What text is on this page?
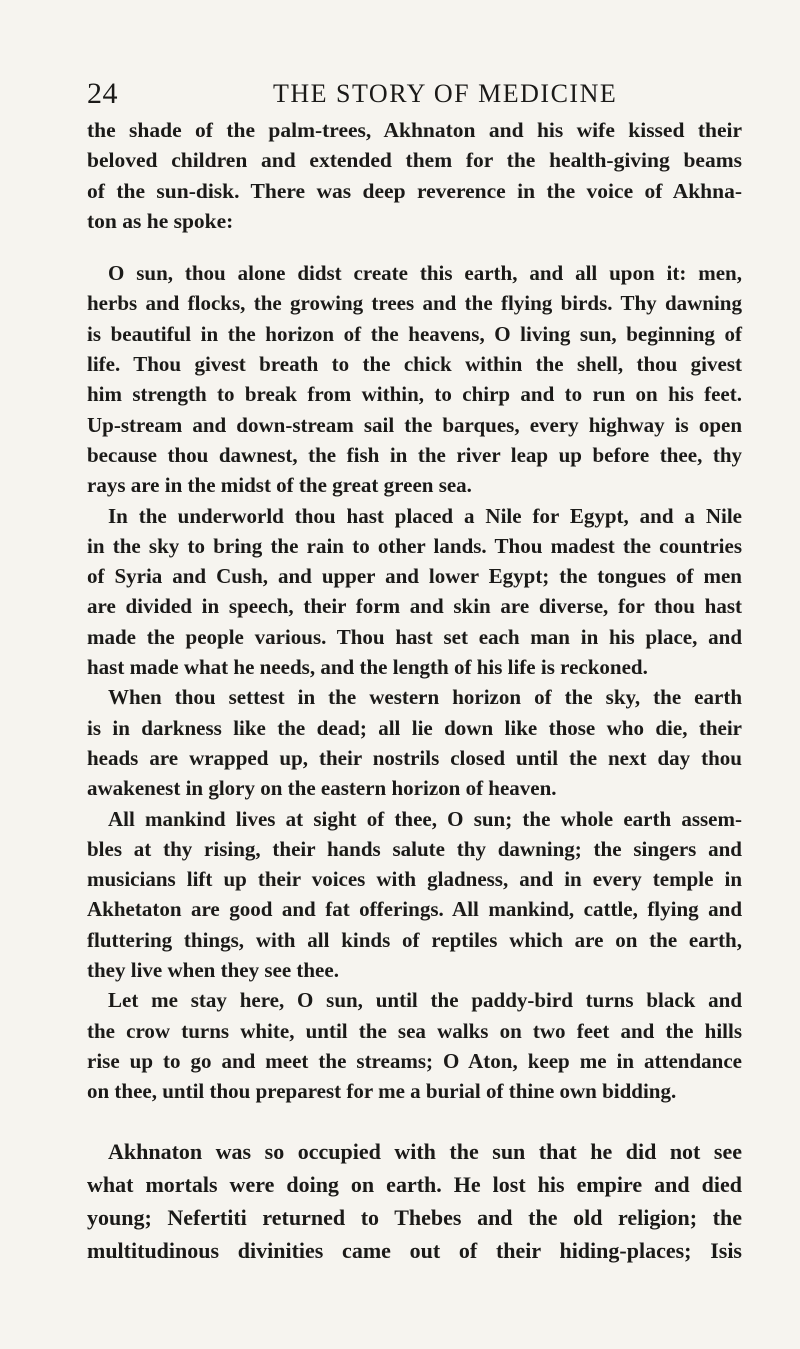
24	THE STORY OF MEDICINE
the shade of the palm-trees, Akhnaton and his wife kissed their
beloved children and extended them for the health-giving beams
of the sun-disk. There was deep reverence in the voice of Akhna-
ton as he spoke:
O sun, thou alone didst create this earth, and all upon it: men,
herbs and flocks, the growing trees and the flying birds. Thy dawning
is beautiful in the horizon of the heavens, O living sun, beginning of
life. Thou givest breath to the chick within the shell, thou givest
him strength to break from within, to chirp and to run on his feet.
Up-stream and down-stream sail the barques, every highway is open
because thou dawnest, the fish in the river leap up before thee, thy
rays are in the midst of the great green sea.
In the underworld thou hast placed a Nile for Egypt, and a Nile
in the sky to bring the rain to other lands. Thou madest the countries
of Syria and Cush, and upper and lower Egypt; the tongues of men
are divided in speech, their form and skin are diverse, for thou hast
made the people various. Thou hast set each man in his place, and
hast made what he needs, and the length of his life is reckoned.
When thou settest in the western horizon of the sky, the earth
is in darkness like the dead; all lie down like those who die, their
heads are wrapped up, their nostrils closed until the next day thou
awakenest in glory on the eastern horizon of heaven.
All mankind lives at sight of thee, O sun; the whole earth assem-
bles at thy rising, their hands salute thy dawning; the singers and
musicians lift up their voices with gladness, and in every temple in
Akhetaton are good and fat offerings. All mankind, cattle, flying and
fluttering things, with all kinds of reptiles which are on the earth,
they live when they see thee.
Let me stay here, O sun, until the paddy-bird turns black and
the crow turns white, until the sea walks on two feet and the hills
rise up to go and meet the streams; O Aton, keep me in attendance
on thee, until thou preparest for me a burial of thine own bidding.
Akhnaton was so occupied with the sun that he did not see
what mortals were doing on earth. He lost his empire and died
young; Nefertiti returned to Thebes and the old religion; the
multitudinous divinities came out of their hiding-places; Isis
